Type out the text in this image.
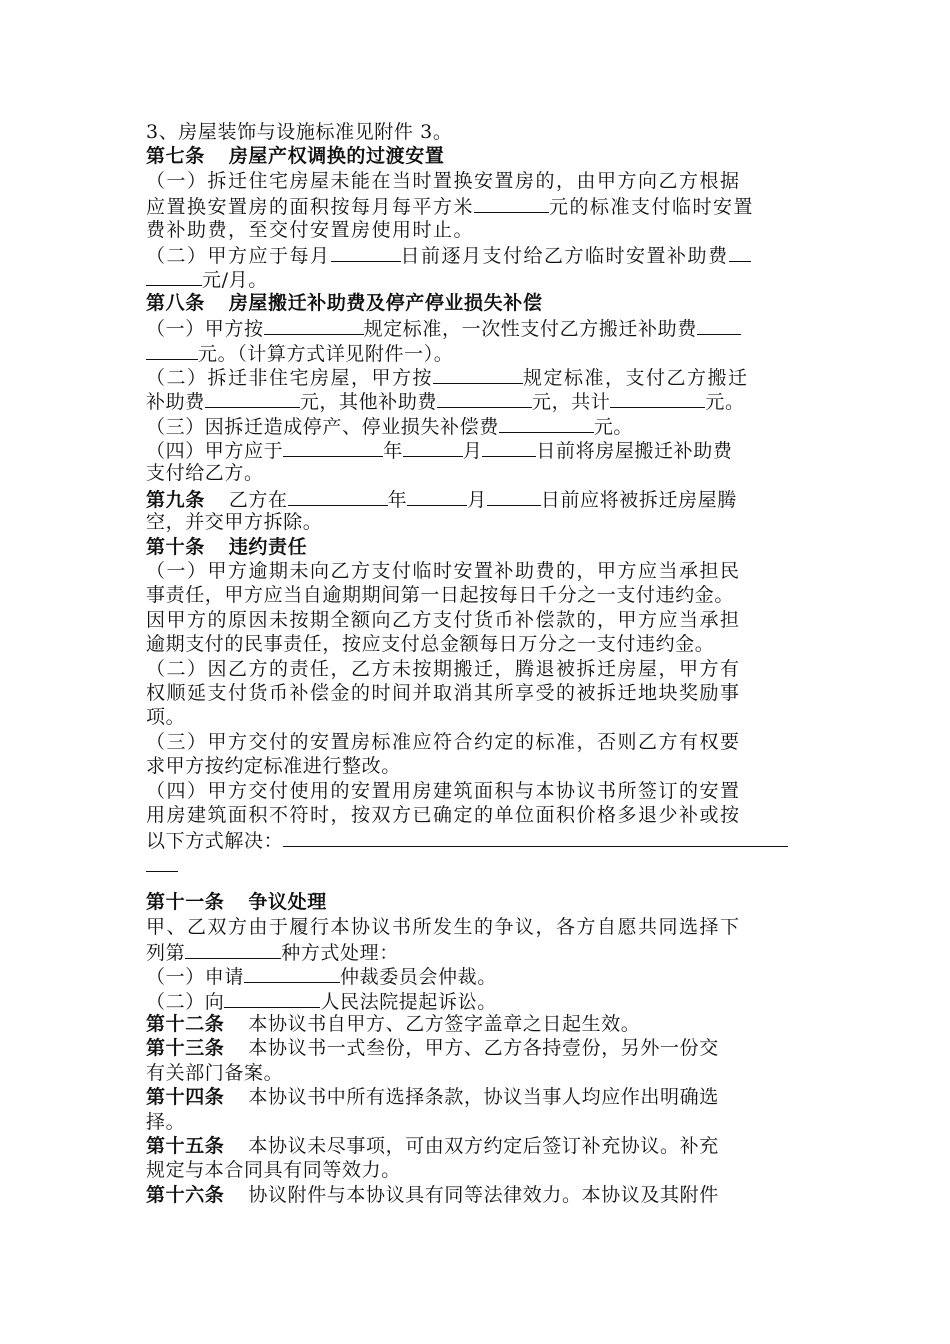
3、房屋装饰与设施标准见附件 3。
第七条 房屋产权调换的过渡安置
（一）拆迁住宅房屋未能在当时置换安置房的，由甲方向乙方根据
应置换安置房的面积按每月每平方米	元的标准支付临时安置
费补助费，至交付安置房使用时止。
（二）甲方应于每月	日前逐月支付给乙方临时安置补助费
元/月。
第八条 房屋搬迁补助费及停产停业损失补偿
（一）甲方按	规定标准，一次性支付乙方搬迁补助费
元。（计算方式详见附件一）。
（二）拆迁非住宅房屋，甲方按	规定标准，支付乙方搬迁
补助费	元，其他补助费	元，共计	元。
（三）因拆迁造成停产、停业损失补偿费	元。
（四）甲方应于	年	月	日前将房屋搬迁补助费
支付给乙方。
第九条 乙方在	年	月	日前应将被拆迁房屋腾
空，并交甲方拆除。
第十条 违约责任
（一）甲方逾期未向乙方支付临时安置补助费的，甲方应当承担民
事责任，甲方应当自逾期期间第一日起按每日千分之一支付违约金。
因甲方的原因未按期全额向乙方支付货币补偿款的，甲方应当承担
逾期支付的民事责任，按应支付总金额每日万分之一支付违约金。
（二）因乙方的责任，乙方未按期搬迁，腾退被拆迁房屋，甲方有
权顺延支付货币补偿金的时间并取消其所享受的被拆迁地块奖励事
项。
（三）甲方交付的安置房标准应符合约定的标准，否则乙方有权要
求甲方按约定标准进行整改。
（四）甲方交付使用的安置用房建筑面积与本协议书所签订的安置
用房建筑面积不符时，按双方已确定的单位面积价格多退少补或按
以下方式解决：
第十一条 争议处理
甲、乙双方由于履行本协议书所发生的争议，各方自愿共同选择下
列第	种方式处理：
（一）申请	仲裁委员会仲裁。
（二）向	人民法院提起诉讼。
第十二条 本协议书自甲方、乙方签字盖章之日起生效。
第十三条 本协议书一式叁份，甲方、乙方各持壹份，另外一份交
有关部门备案。
第十四条 本协议书中所有选择条款，协议当事人均应作出明确选
择。
第十五条 本协议未尽事项，可由双方约定后签订补充协议。补充
规定与本合同具有同等效力。
第十六条 协议附件与本协议具有同等法律效力。本协议及其附件
